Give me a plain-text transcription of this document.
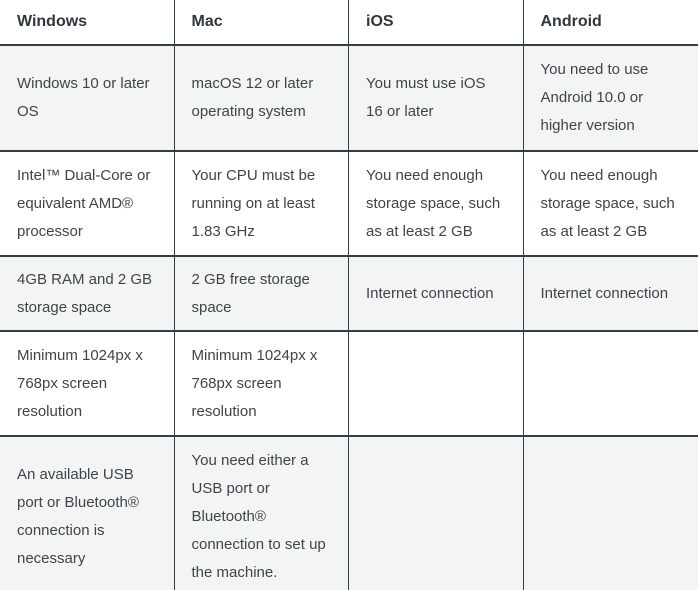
Windows	Mac	iOS	Android
Windows 10 or later OS	macOS 12 or later operating system	You must use iOS 16 or later	You need to use Android 10.0 or higher version
Intel™ Dual-Core or equivalent AMD® processor	Your CPU must be running on at least 1.83 GHz	You need enough storage space, such as at least 2 GB	You need enough storage space, such as at least 2 GB
4GB RAM and 2 GB storage space	2 GB free storage space	Internet connection	Internet connection
Minimum 1024px x 768px screen resolution	Minimum 1024px x 768px screen resolution		
An available USB port or Bluetooth® connection is necessary	You need either a USB port or Bluetooth® connection to set up the machine.		
